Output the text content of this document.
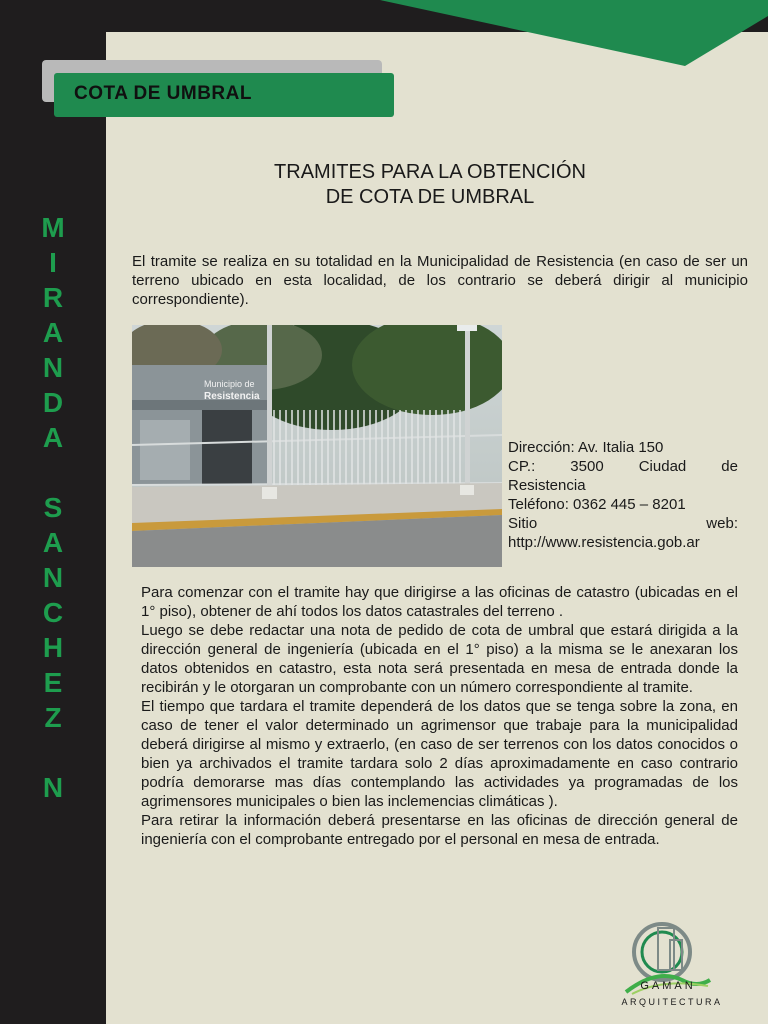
M
I
R
A
N
D
A
S
A
N
C
H
E
Z
N
COTA DE UMBRAL
TRAMITES PARA LA OBTENCIÓN
DE COTA DE UMBRAL
El tramite se realiza en su totalidad en la Municipalidad de Resistencia (en caso de ser un terreno ubicado en esta localidad, de los contrario se deberá dirigir al municipio correspondiente).
Municipio de
Resistencia
Dirección: Av. Italia 150
CP.: 3500 Ciudad de
Resistencia
Teléfono: 0362 445 – 8201
Sitio web:
http://www.resistencia.gob.ar

Para comenzar con el tramite hay que dirigirse a las oficinas de catastro (ubicadas en el 1° piso), obtener de ahí todos los datos catastrales del terreno .

Luego se debe redactar una nota de pedido de cota de umbral que estará dirigida a la dirección general de ingeniería (ubicada en el 1° piso) a la misma se le anexaran los datos obtenidos en catastro, esta nota será presentada en mesa de entrada donde la recibirán y le otorgaran un comprobante con un número correspondiente al tramite.

El tiempo que tardara el tramite dependerá de los datos que se tenga sobre la zona, en caso de tener el valor determinado un agrimensor que trabaje para la municipalidad deberá dirigirse al mismo y extraerlo, (en caso de ser terrenos con los datos conocidos o bien ya archivados el tramite tardara solo 2 días aproximadamente en caso contrario podría demorarse mas días contemplando las actividades ya programadas de los agrimensores municipales o bien las inclemencias climáticas ).

Para retirar la información deberá presentarse en las oficinas de dirección general de ingeniería con el comprobante entregado por el personal en mesa de entrada.

GAMAN
ARQUITECTURA
